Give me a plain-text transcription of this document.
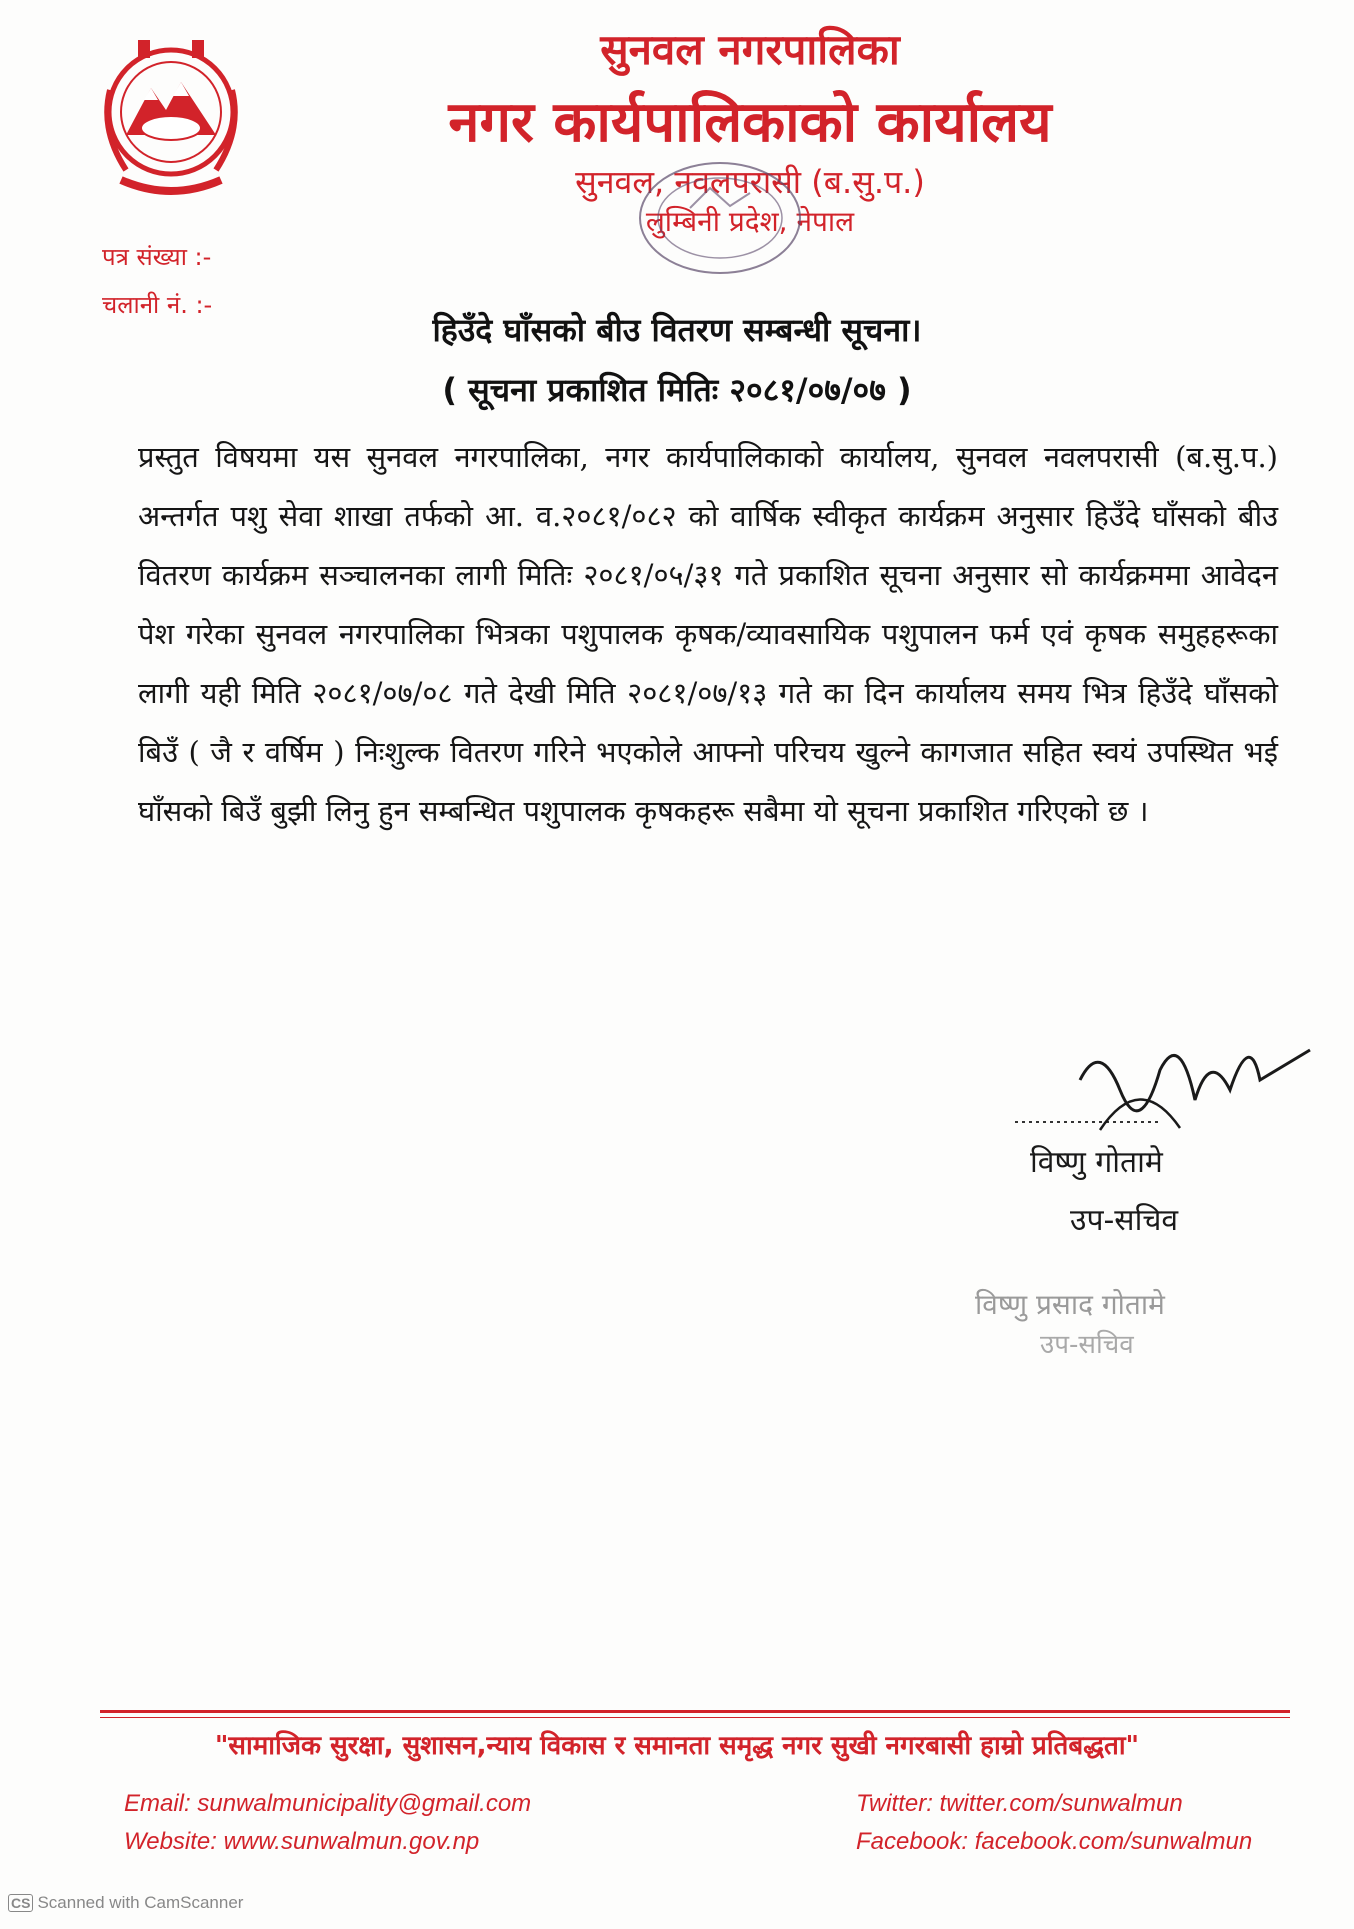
सुनवल नगरपालिका
नगर कार्यपालिकाको कार्यालय
सुनवल, नवलपरासी (ब.सु.प.)
लुम्बिनी प्रदेश, नेपाल
पत्र संख्या :-
चलानी नं. :-
हिउँदे घाँसको बीउ वितरण सम्बन्धी सूचना।
( सूचना प्रकाशित मितिः २०८१/०७/०७ )
प्रस्तुत विषयमा यस सुनवल नगरपालिका, नगर कार्यपालिकाको कार्यालय, सुनवल नवलपरासी (ब.सु.प.) अन्तर्गत पशु सेवा शाखा तर्फको आ. व.२०८१/०८२ को वार्षिक स्वीकृत कार्यक्रम अनुसार हिउँदे घाँसको बीउ वितरण कार्यक्रम सञ्चालनका लागी मितिः २०८१/०५/३१ गते प्रकाशित सूचना अनुसार सो कार्यक्रममा आवेदन पेश गरेका सुनवल नगरपालिका भित्रका पशुपालक कृषक/व्यावसायिक पशुपालन फर्म एवं कृषक समुहहरूका लागी यही मिति २०८१/०७/०८ गते देखी मिति २०८१/०७/१३ गते का दिन कार्यालय समय भित्र हिउँदे घाँसको बिउँ ( जै र वर्षिम ) निःशुल्क वितरण गरिने भएकोले आफ्नो परिचय खुल्ने कागजात सहित स्वयं उपस्थित भई घाँसको बिउँ बुझी लिनु हुन सम्बन्धित पशुपालक कृषकहरू सबैमा यो सूचना प्रकाशित गरिएको छ ।
विष्णु गोतामे
उप-सचिव
विष्णु प्रसाद गोतामे
उप-सचिव
"सामाजिक सुरक्षा, सुशासन,न्याय विकास र समानता समृद्ध नगर सुखी नगरबासी हाम्रो प्रतिबद्धता"
Email: sunwalmunicipality@gmail.com
Website: www.sunwalmun.gov.np
Twitter: twitter.com/sunwalmun
Facebook: facebook.com/sunwalmun
CS Scanned with CamScanner
